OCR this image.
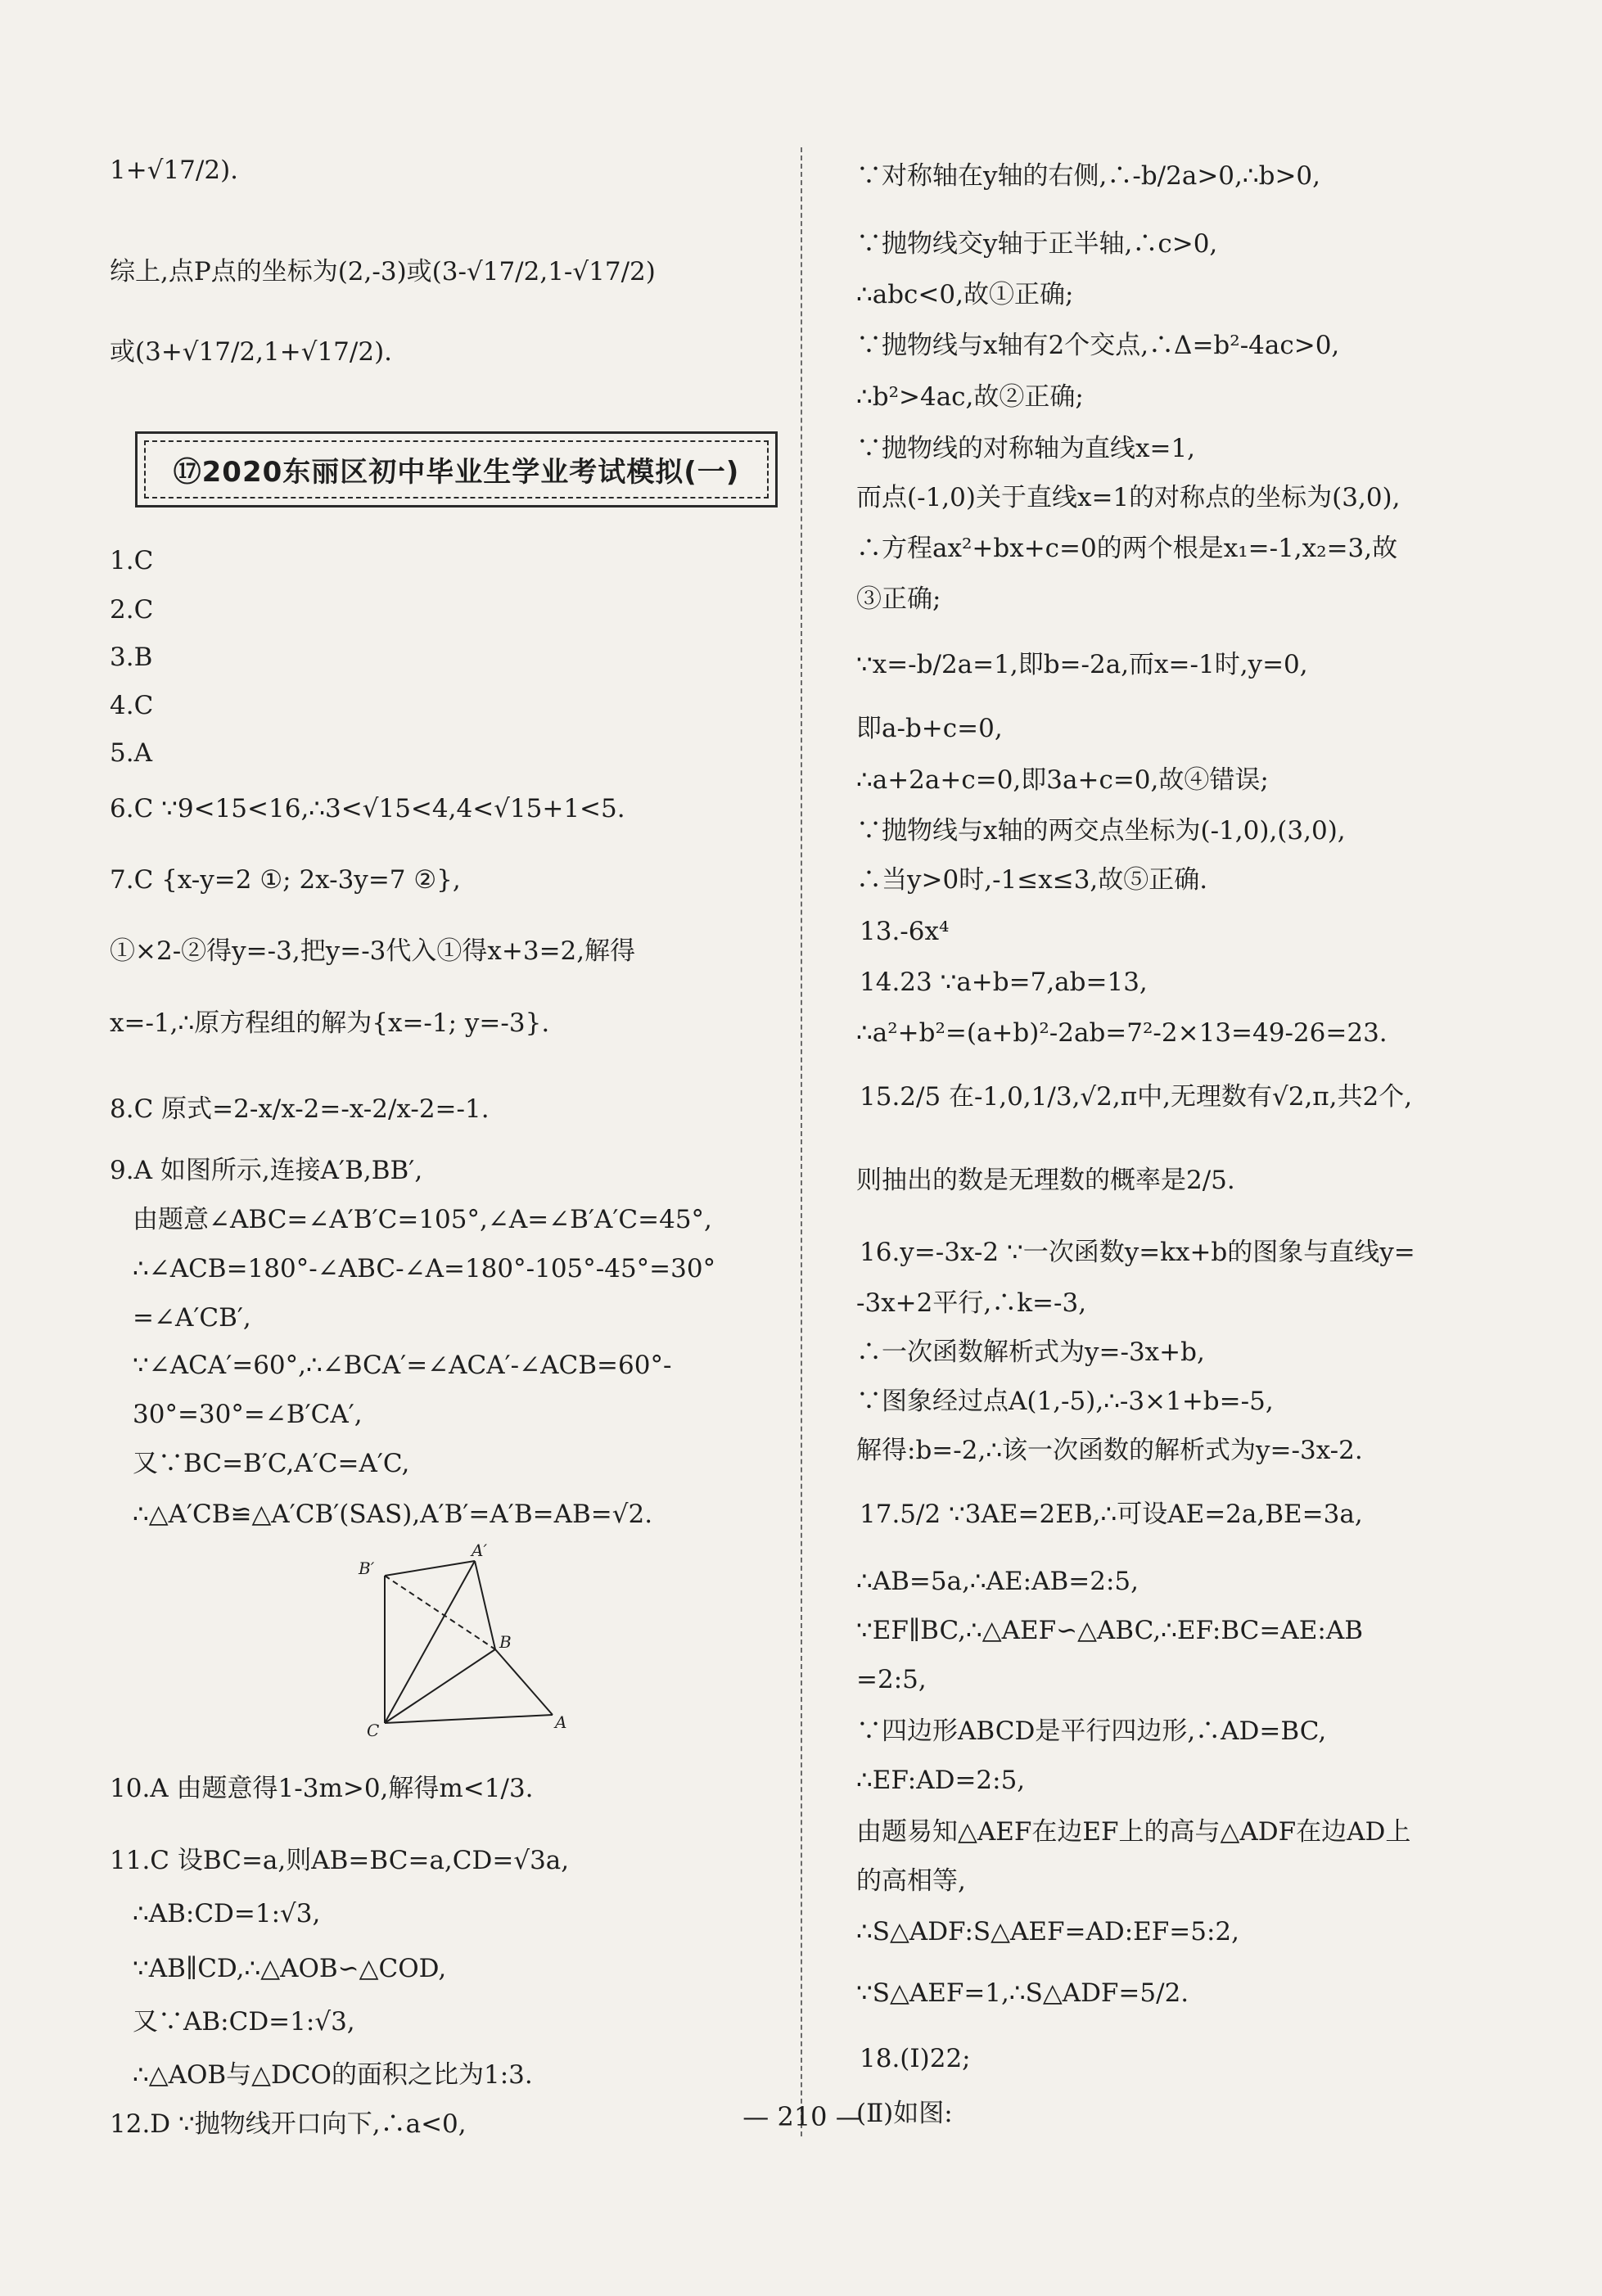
1+√17/2).
综上,点P点的坐标为(2,-3)或(3-√17/2,1-√17/2)
或(3+√17/2,1+√17/2).
⑰2020东丽区初中毕业生学业考试模拟(一)
1.C
2.C
3.B
4.C
5.A
6.C ∵9<15<16,∴3<√15<4,4<√15+1<5.
7.C {x-y=2 ①; 2x-3y=7 ②},
①×2-②得y=-3,把y=-3代入①得x+3=2,解得
x=-1,∴原方程组的解为{x=-1; y=-3}.
8.C 原式=2-x/x-2=-x-2/x-2=-1.
9.A 如图所示,连接A′B,BB′,
由题意∠ABC=∠A′B′C=105°,∠A=∠B′A′C=45°,
∴∠ACB=180°-∠ABC-∠A=180°-105°-45°=30°
=∠A′CB′,
∵∠ACA′=60°,∴∠BCA′=∠ACA′-∠ACB=60°-
30°=30°=∠B′CA′,
又∵BC=B′C,A′C=A′C,
∴△A′CB≌△A′CB′(SAS),A′B′=A′B=AB=√2.
A′
B′
B
C	A
10.A 由题意得1-3m>0,解得m<1/3.
11.C 设BC=a,则AB=BC=a,CD=√3a,
∴AB:CD=1:√3,
∵AB∥CD,∴△AOB∽△COD,
又∵AB:CD=1:√3,
∴△AOB与△DCO的面积之比为1:3.
12.D ∵抛物线开口向下,∴a<0,
∵对称轴在y轴的右侧,∴-b/2a>0,∴b>0,
∵抛物线交y轴于正半轴,∴c>0,
∴abc<0,故①正确;
∵抛物线与x轴有2个交点,∴Δ=b²-4ac>0,
∴b²>4ac,故②正确;
∵抛物线的对称轴为直线x=1,
而点(-1,0)关于直线x=1的对称点的坐标为(3,0),
∴方程ax²+bx+c=0的两个根是x₁=-1,x₂=3,故
③正确;
∵x=-b/2a=1,即b=-2a,而x=-1时,y=0,
即a-b+c=0,
∴a+2a+c=0,即3a+c=0,故④错误;
∵抛物线与x轴的两交点坐标为(-1,0),(3,0),
∴当y>0时,-1≤x≤3,故⑤正确.
13.-6x⁴
14.23 ∵a+b=7,ab=13,
∴a²+b²=(a+b)²-2ab=7²-2×13=49-26=23.
15.2/5 在-1,0,1/3,√2,π中,无理数有√2,π,共2个,
则抽出的数是无理数的概率是2/5.
16.y=-3x-2 ∵一次函数y=kx+b的图象与直线y=
-3x+2平行,∴k=-3,
∴一次函数解析式为y=-3x+b,
∵图象经过点A(1,-5),∴-3×1+b=-5,
解得:b=-2,∴该一次函数的解析式为y=-3x-2.
17.5/2 ∵3AE=2EB,∴可设AE=2a,BE=3a,
∴AB=5a,∴AE:AB=2:5,
∵EF∥BC,∴△AEF∽△ABC,∴EF:BC=AE:AB
=2:5,
∵四边形ABCD是平行四边形,∴AD=BC,
∴EF:AD=2:5,
由题易知△AEF在边EF上的高与△ADF在边AD上
的高相等,
∴S△ADF:S△AEF=AD:EF=5:2,
∵S△AEF=1,∴S△ADF=5/2.
18.(Ⅰ)22;
(Ⅱ)如图:
— 210 —
